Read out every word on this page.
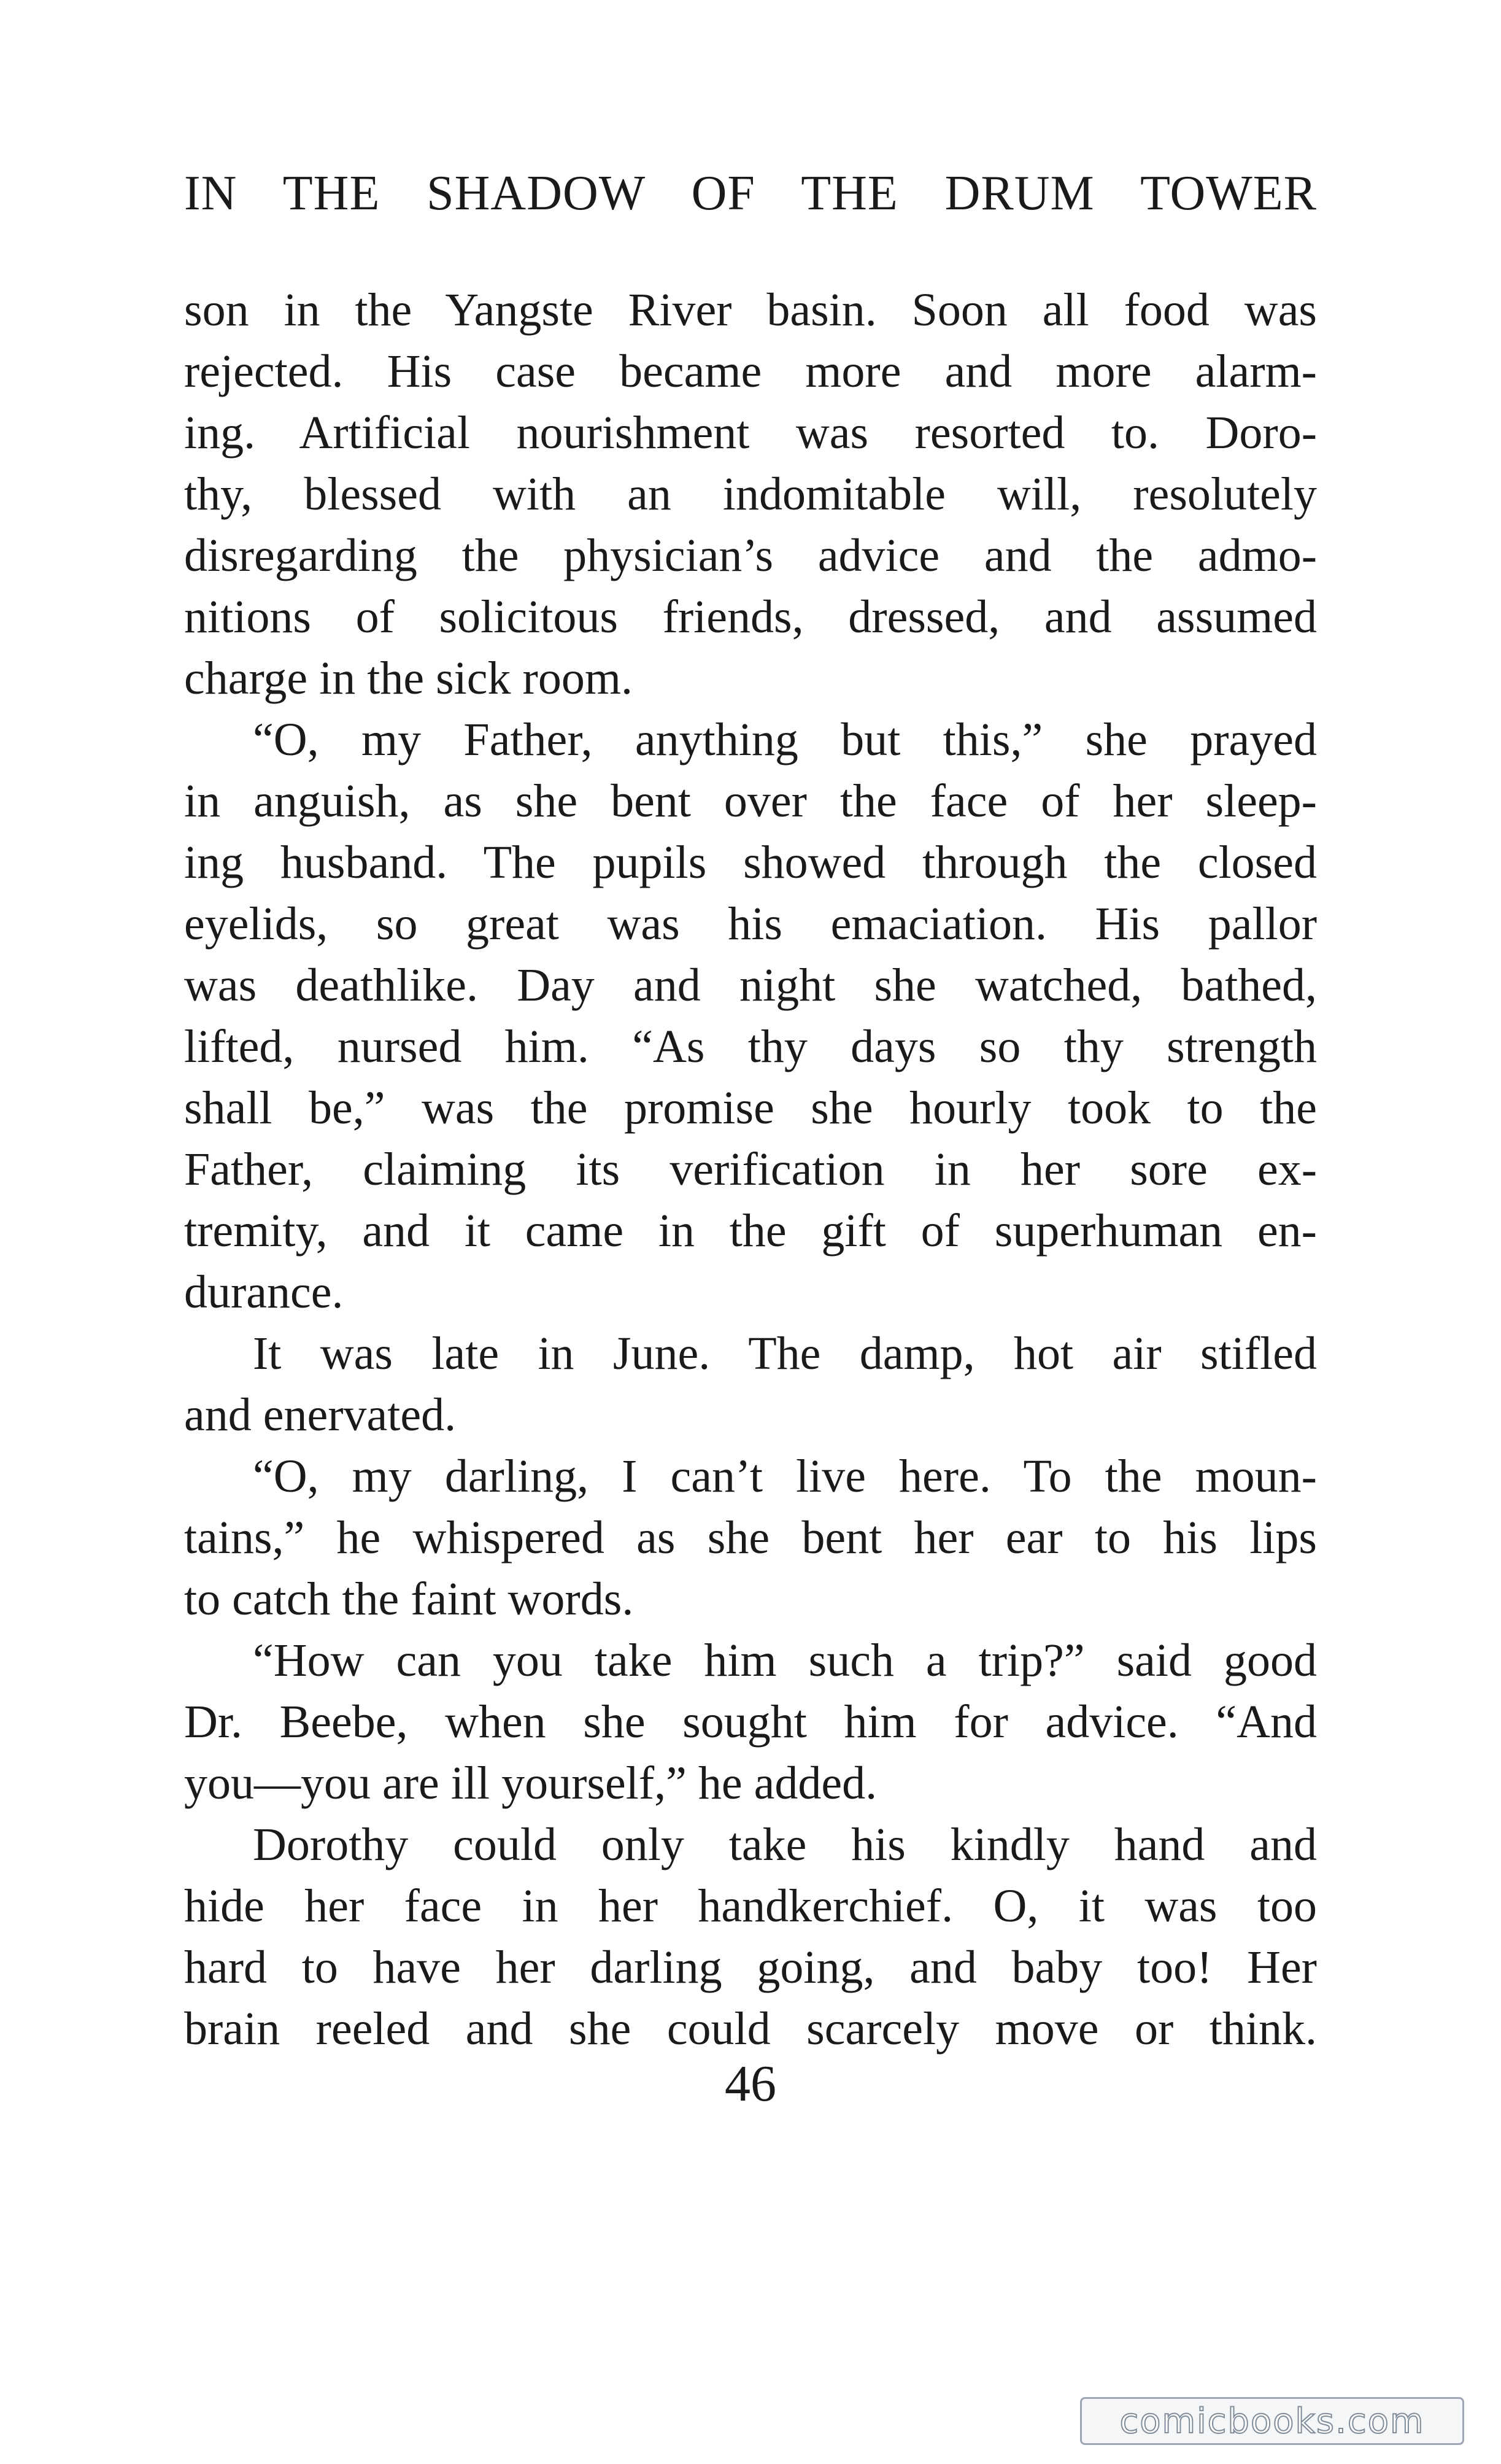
IN THE SHADOW OF THE DRUM TOWER
son in the Yangste River basin. Soon all food was
rejected. His case became more and more alarm-
ing. Artificial nourishment was resorted to. Doro-
thy, blessed with an indomitable will, resolutely
disregarding the physician’s advice and the admo-
nitions of solicitous friends, dressed, and assumed
charge in the sick room.
“O, my Father, anything but this,” she prayed
in anguish, as she bent over the face of her sleep-
ing husband. The pupils showed through the closed
eyelids, so great was his emaciation. His pallor
was deathlike. Day and night she watched, bathed,
lifted, nursed him. “As thy days so thy strength
shall be,” was the promise she hourly took to the
Father, claiming its verification in her sore ex-
tremity, and it came in the gift of superhuman en-
durance.
It was late in June. The damp, hot air stifled
and enervated.
“O, my darling, I can’t live here. To the moun-
tains,” he whispered as she bent her ear to his lips
to catch the faint words.
“How can you take him such a trip?” said good
Dr. Beebe, when she sought him for advice. “And
you—you are ill yourself,” he added.
Dorothy could only take his kindly hand and
hide her face in her handkerchief. O, it was too
hard to have her darling going, and baby too! Her
brain reeled and she could scarcely move or think.
46
comicbooks.com
